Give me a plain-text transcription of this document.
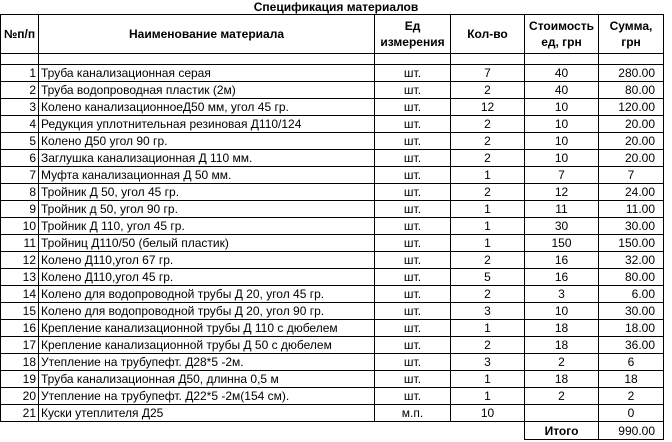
Спецификация материалов
№п/п	Наименование материала	Ед измерения	Кол-во	Стоимость ед, грн	Сумма, грн

1	Труба канализационная серая	шт.	7	40	280.00
2	Труба водопроводная пластик (2м)	шт.	2	40	80.00
3	Колено канализационноеД50 мм, угол 45 гр.	шт.	12	10	120.00
4	Редукция уплотнительная резиновая Д110/124	шт.	2	10	20.00
5	Колено Д50 угол 90 гр.	шт.	2	10	20.00
6	Заглушка канализационная Д 110 мм.	шт.	2	10	20.00
7	Муфта канализационная Д 50 мм.	шт.	1	7	7
8	Тройник Д 50, угол 45 гр.	шт.	2	12	24.00
9	Тройник д 50, угол 90 гр.	шт.	1	11	11.00
10	Тройник Д 110, угол 45 гр.	шт.	1	30	30.00
11	Тройниц Д110/50 (белый пластик)	шт.	1	150	150.00
12	Колено Д110,угол 67 гр.	шт.	2	16	32.00
13	Колено Д110,угол 45 гр.	шт.	5	16	80.00
14	Колено для водопроводной трубы Д 20, угол 45 гр.	шт.	2	3	6.00
15	Колено для водопроводной трубы Д 20, угол 90 гр.	шт.	3	10	30.00
16	Крепление канализационной трубы Д 110 с дюбелем	шт.	1	18	18.00
17	Крепление канализационной трубы Д 50 с дюбелем	шт.	2	18	36.00
18	Утепление на трубупефт. Д28*5 -2м.	шт.	3	2	6
19	Труба канализационная Д50, длинна 0,5 м	шт.	1	18	18
20	Утепление на трубупефт. Д22*5 -2м(154 см).	шт.	1	2	2
21	Куски утеплителя Д25	м.п.	10		0
				Итого	990.00
